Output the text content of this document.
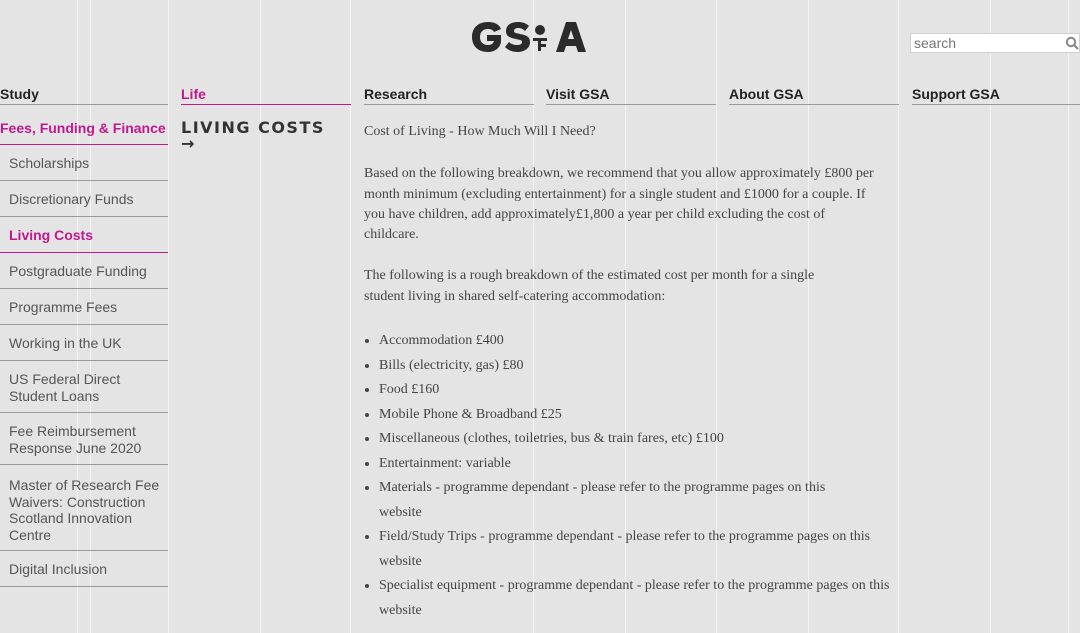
search
Study	Life	Research	Visit GSA	About GSA	Support GSA
Fees, Funding & Finance
Scholarships
Discretionary Funds
Living Costs
Postgraduate Funding
Programme Fees
Working in the UK
US Federal Direct Student Loans
Fee Reimbursement Response June 2020
Master of Research Fee Waivers: Construction Scotland Innovation Centre
Digital Inclusion
LIVING COSTS
→

Cost of Living - How Much Will I Need?

Based on the following breakdown, we recommend that you allow approximately £800 per month minimum (excluding entertainment) for a single student and £1000 for a couple. If you have children, add approximately£1,800 a year per child excluding the cost of childcare.

The following is a rough breakdown of the estimated cost per month for a single student living in shared self-catering accommodation:

• Accommodation £400
• Bills (electricity, gas) £80
• Food £160
• Mobile Phone & Broadband £25
• Miscellaneous (clothes, toiletries, bus & train fares, etc) £100
• Entertainment: variable
• Materials - programme dependant - please refer to the programme pages on this website
• Field/Study Trips - programme dependant - please refer to the programme pages on this website
• Specialist equipment - programme dependant - please refer to the programme pages on this website
